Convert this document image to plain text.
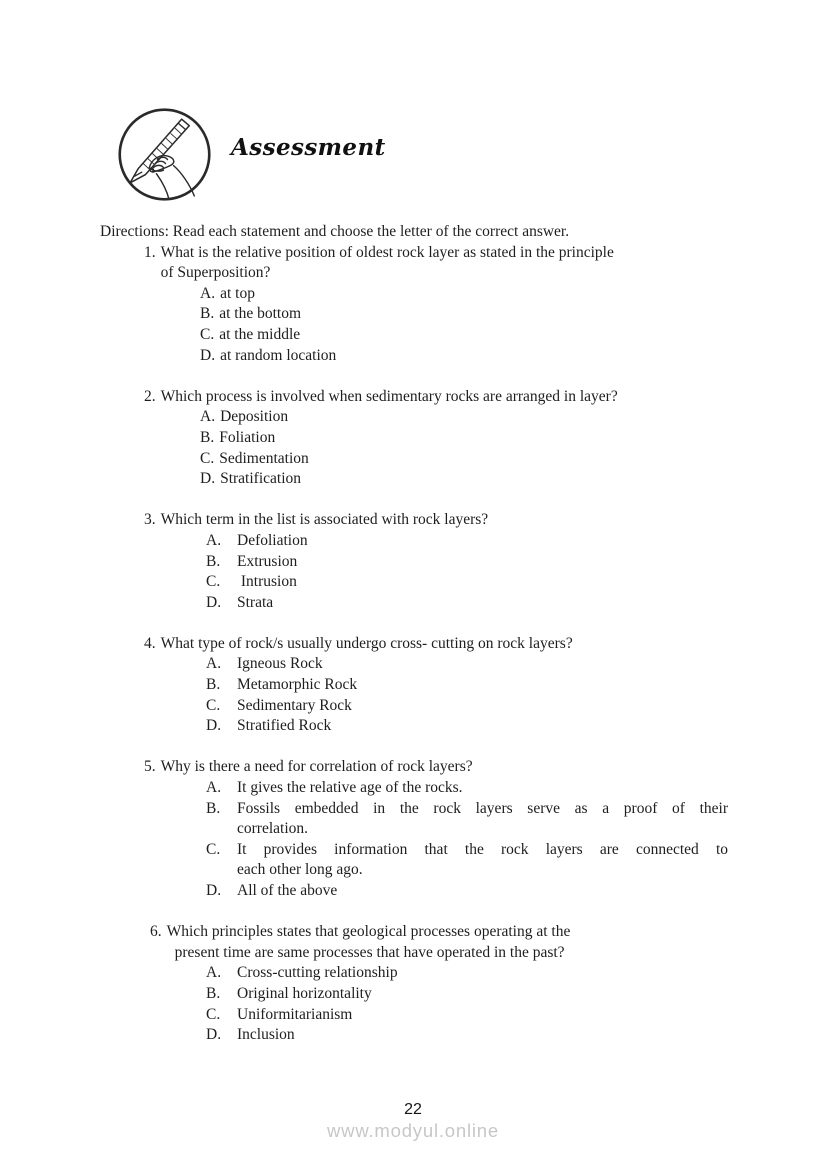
Assessment
Directions: Read each statement and choose the letter of the correct answer.
1. What is the relative position of oldest rock layer as stated in the principle
of Superposition?
A. at top
B. at the bottom
C. at the middle
D. at random location
2. Which process is involved when sedimentary rocks are arranged in layer?
A. Deposition
B. Foliation
C. Sedimentation
D. Stratification
3. Which term in the list is associated with rock layers?
A.	Defoliation
B.	Extrusion
C.	Intrusion
D.	Strata
4. What type of rock/s usually undergo cross- cutting on rock layers?
A.	Igneous Rock
B.	Metamorphic Rock
C.	Sedimentary Rock
D.	Stratified Rock
5. Why is there a need for correlation of rock layers?
A.	It gives the relative age of the rocks.
B.	Fossils embedded in the rock layers serve as a proof of their
correlation.
C.	It provides information that the rock layers are connected to
each other long ago.
D.	All of the above
6. Which principles states that geological processes operating at the
present time are same processes that have operated in the past?
A.	Cross-cutting relationship
B.	Original horizontality
C.	Uniformitarianism
D.	Inclusion
22
www.modyul.online
